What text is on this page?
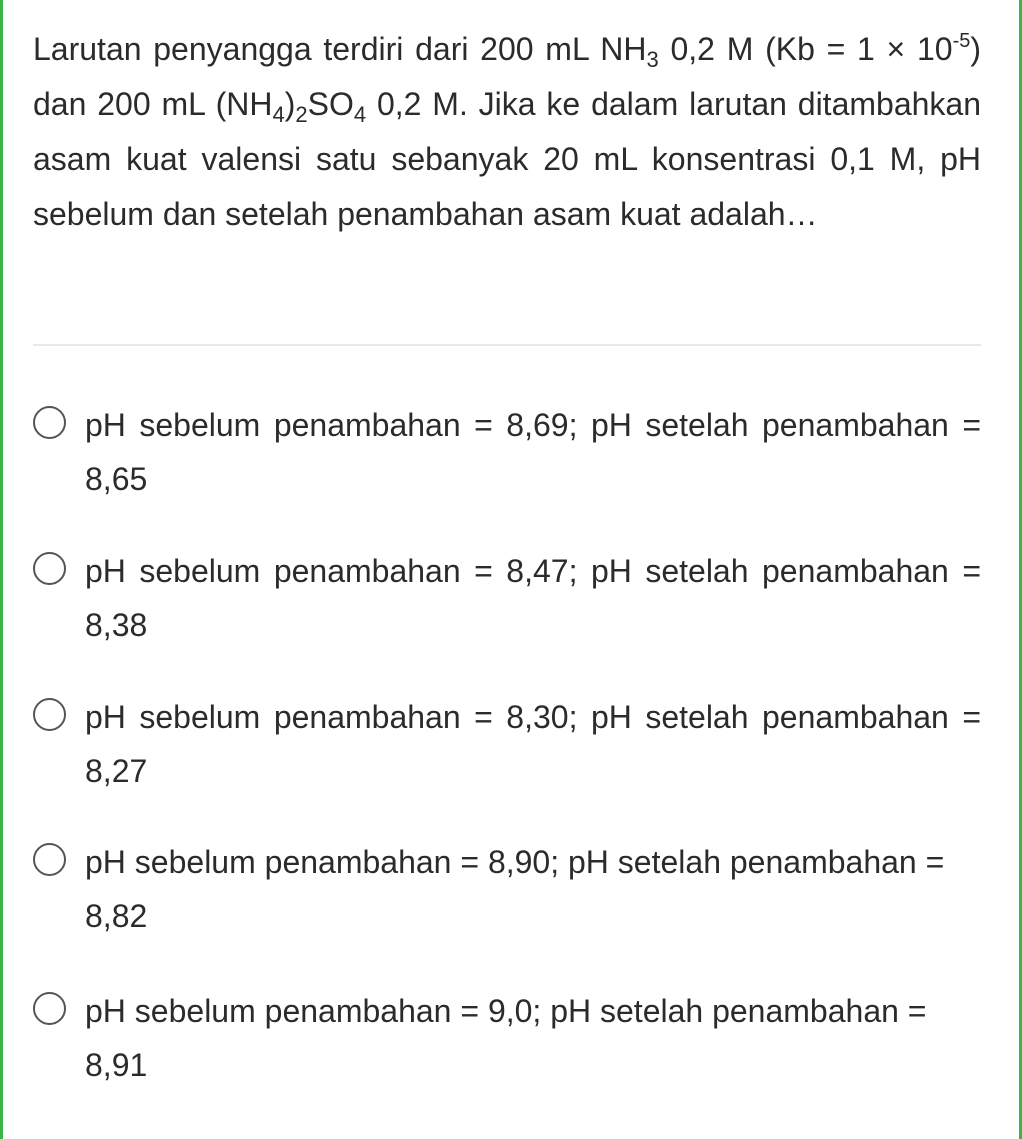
Larutan penyangga terdiri dari 200 mL $NH_3$ 0,2 M $(Kb = 1 \times 10^{-5})$ dan 200 mL $(NH_4)_2SO_4$ 0,2 M. Jika ke dalam larutan ditambahkan asam kuat valensi satu sebanyak 20 mL konsentrasi 0,1 M, pH sebelum dan setelah penambahan asam kuat adalah…

pH sebelum penambahan = 8,69; pH setelah penambahan = 8,65

pH sebelum penambahan = 8,47; pH setelah penambahan = 8,38

pH sebelum penambahan = 8,30; pH setelah penambahan = 8,27

pH sebelum penambahan = 8,90; pH setelah penambahan = 8,82

pH sebelum penambahan = 9,0; pH setelah penambahan = 8,91
